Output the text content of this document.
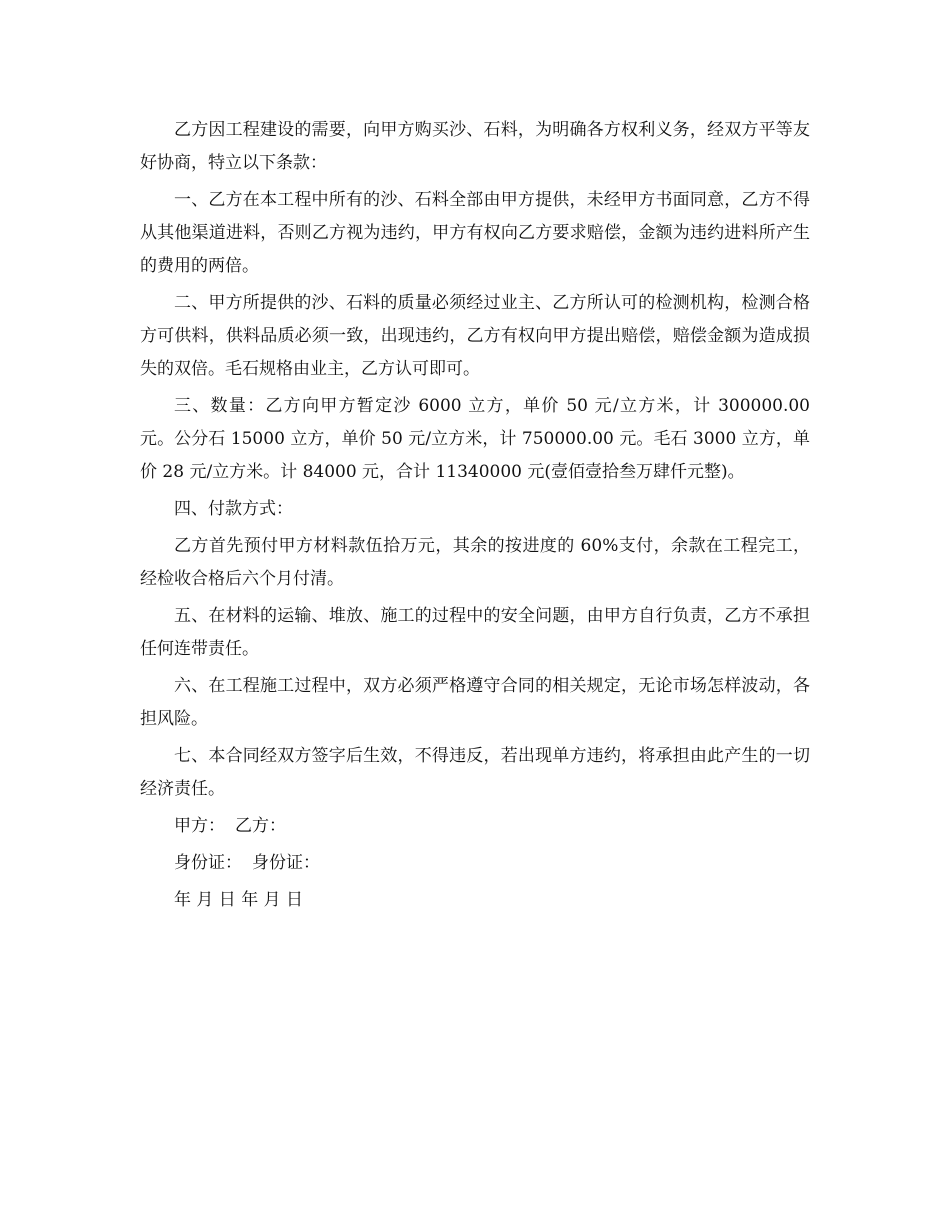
乙方因工程建设的需要，向甲方购买沙、石料，为明确各方权利义务，经双方平等友好协商，特立以下条款：

一、乙方在本工程中所有的沙、石料全部由甲方提供，未经甲方书面同意，乙方不得从其他渠道进料，否则乙方视为违约，甲方有权向乙方要求赔偿，金额为违约进料所产生的费用的两倍。

二、甲方所提供的沙、石料的质量必须经过业主、乙方所认可的检测机构，检测合格方可供料，供料品质必须一致，出现违约，乙方有权向甲方提出赔偿，赔偿金额为造成损失的双倍。毛石规格由业主，乙方认可即可。

三、数量：乙方向甲方暂定沙 6000 立方，单价 50 元/立方米，计 300000.00 元。公分石 15000 立方，单价 50 元/立方米，计 750000.00 元。毛石 3000 立方，单价 28 元/立方米。计 84000 元，合计 11340000 元(壹佰壹拾叁万肆仟元整)。

四、付款方式：

乙方首先预付甲方材料款伍拾万元，其余的按进度的 60%支付，余款在工程完工，经检收合格后六个月付清。

五、在材料的运输、堆放、施工的过程中的安全问题，由甲方自行负责，乙方不承担任何连带责任。

六、在工程施工过程中，双方必须严格遵守合同的相关规定，无论市场怎样波动，各担风险。

七、本合同经双方签字后生效，不得违反，若出现单方违约，将承担由此产生的一切经济责任。

甲方： 乙方：
身份证： 身份证：
年 月 日 年 月 日
